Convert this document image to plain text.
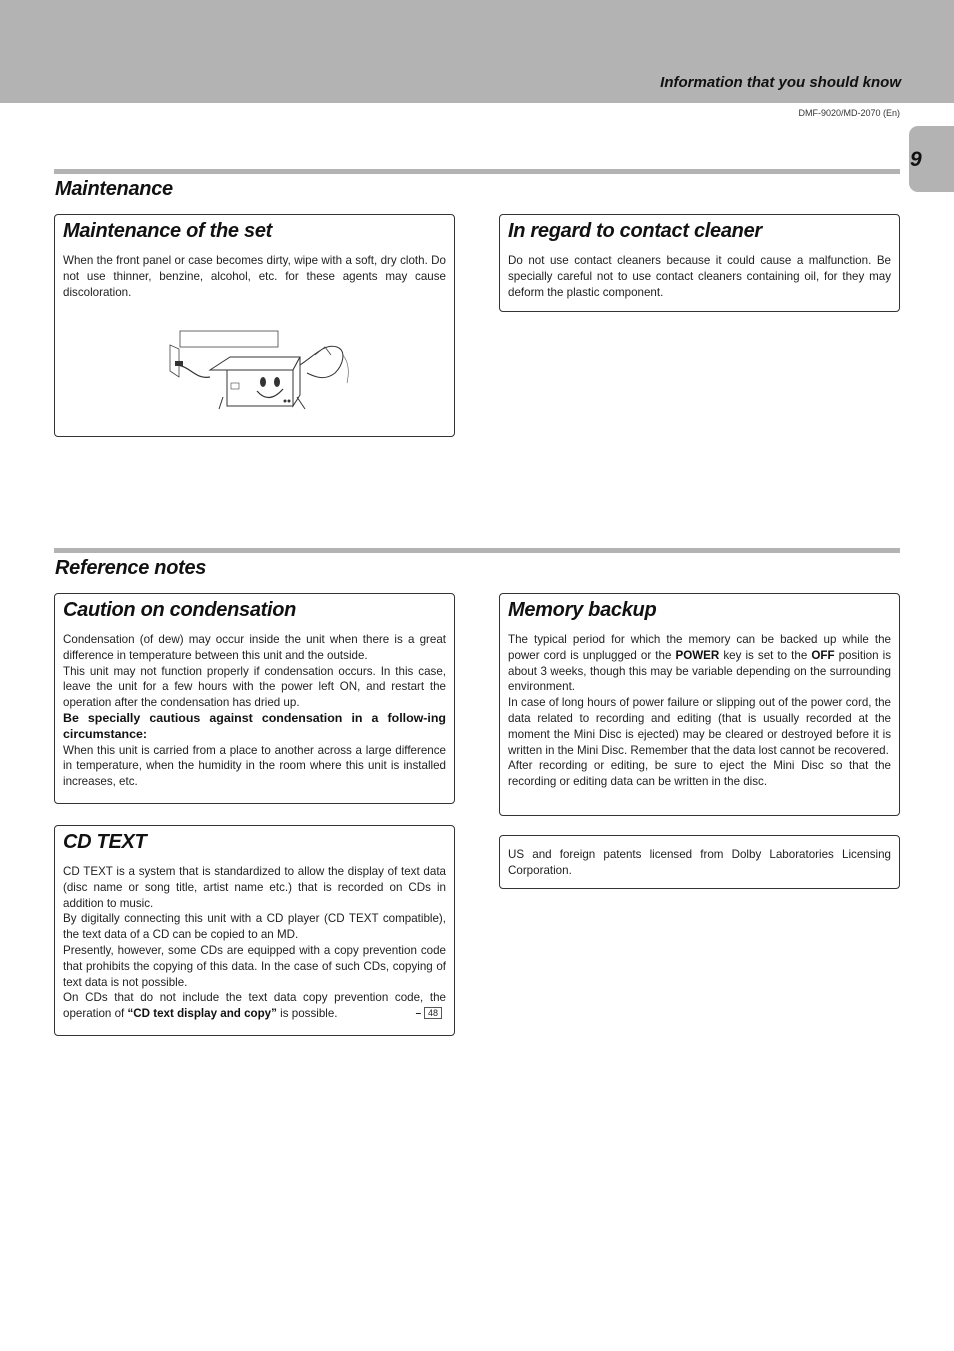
Information that you should know
DMF-9020/MD-2070 (En)
9
Maintenance
Maintenance of the set

When the front panel or case becomes dirty, wipe with a soft, dry cloth. Do not use thinner, benzine, alcohol, etc. for these agents may cause discoloration.

In regard to contact cleaner

Do not use contact cleaners because it could cause a malfunction. Be specially careful not to use contact cleaners containing oil, for they may deform the plastic component.

Reference notes
Caution on condensation

Condensation (of dew) may occur inside the unit when there is a great difference in temperature between this unit and the outside.

This unit may not function properly if condensation occurs. In this case, leave the unit for a few hours with the power left ON, and restart the operation after the condensation has dried up.

Be specially cautious against condensation in a follow-ing circumstance:

When this unit is carried from a place to another across a large difference in temperature, when the humidity in the room where this unit is installed increases, etc.

Memory backup

The typical period for which the memory can be backed up while the power cord is unplugged or the POWER key is set to the OFF position is about 3 weeks, though this may be variable depending on the surrounding environment.

In case of long hours of power failure or slipping out of the power cord, the data related to recording and editing (that is usually recorded at the moment the Mini Disc is ejected) may be cleared or destroyed before it is written in the Mini Disc. Remember that the data lost cannot be recovered.

After recording or editing, be sure to eject the Mini Disc so that the recording or editing data can be written in the disc.

US and foreign patents licensed from Dolby Laboratories Licensing Corporation.

CD TEXT

CD TEXT is a system that is standardized to allow the display of text data (disc name or song title, artist name etc.) that is recorded on CDs in addition to music.

By digitally connecting this unit with a CD player (CD TEXT compatible), the text data of a CD can be copied to an MD.

Presently, however, some CDs are equipped with a copy prevention code that prohibits the copying of this data. In the case of such CDs, copying of text data is not possible.

On CDs that do not include the text data copy prevention code, the operation of “CD text display and copy” is possible.	– 48
